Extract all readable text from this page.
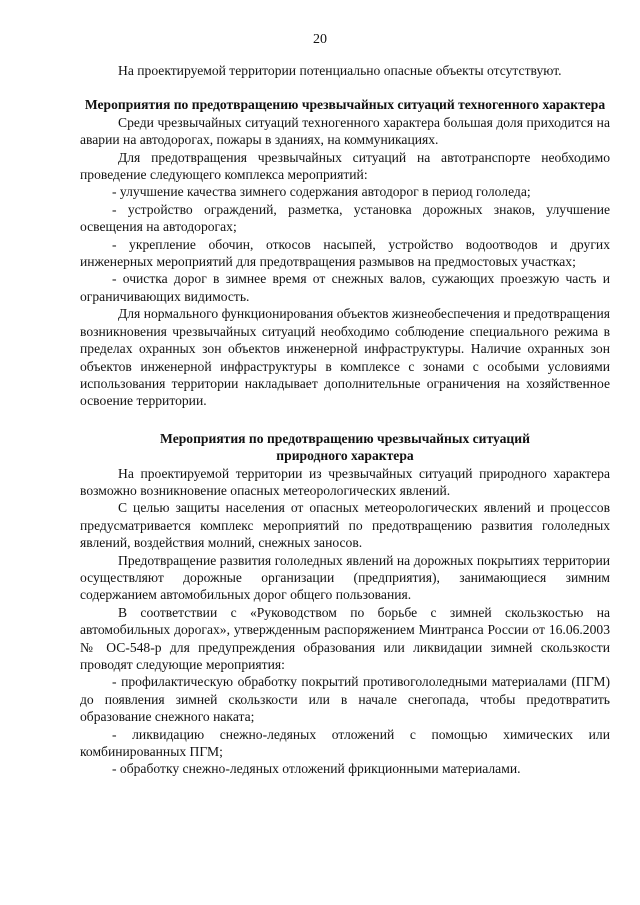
20

На проектируемой территории потенциально опасные объекты отсутствуют.

Мероприятия по предотвращению чрезвычайных ситуаций техногенного характера

Среди чрезвычайных ситуаций техногенного характера большая доля приходится на аварии на автодорогах, пожары в зданиях, на коммуникациях.

Для предотвращения чрезвычайных ситуаций на автотранспорте необходимо проведение следующего комплекса мероприятий:

- улучшение качества зимнего содержания автодорог в период гололеда;

- устройство ограждений, разметка, установка дорожных знаков, улучшение освещения на автодорогах;

- укрепление обочин, откосов насыпей, устройство водоотводов и других инженерных мероприятий для предотвращения размывов на предмостовых участках;

- очистка дорог в зимнее время от снежных валов, сужающих проезжую часть и ограничивающих видимость.

Для нормального функционирования объектов жизнеобеспечения и предотвращения возникновения чрезвычайных ситуаций необходимо соблюдение специального режима в пределах охранных зон объектов инженерной инфраструктуры. Наличие охранных зон объектов инженерной инфраструктуры в комплексе с зонами с особыми условиями использования территории накладывает дополнительные ограничения на хозяйственное освоение территории.

Мероприятия по предотвращению чрезвычайных ситуаций

природного характера

На проектируемой территории из чрезвычайных ситуаций природного характера возможно возникновение опасных метеорологических явлений.

С целью защиты населения от опасных метеорологических явлений и процессов предусматривается комплекс мероприятий по предотвращению развития гололедных явлений, воздействия молний, снежных заносов.

Предотвращение развития гололедных явлений на дорожных покрытиях территории осуществляют дорожные организации (предприятия), занимающиеся зимним содержанием автомобильных дорог общего пользования.

В соответствии с «Руководством по борьбе с зимней скользкостью на автомобильных дорогах», утвержденным распоряжением Минтранса России от 16.06.2003 № ОС-548-р для предупреждения образования или ликвидации зимней скользкости проводят следующие мероприятия:

- профилактическую обработку покрытий противогололедными материалами (ПГМ) до появления зимней скользкости или в начале снегопада, чтобы предотвратить образование снежного наката;

- ликвидацию снежно-ледяных отложений с помощью химических или комбинированных ПГМ;

- обработку снежно-ледяных отложений фрикционными материалами.
